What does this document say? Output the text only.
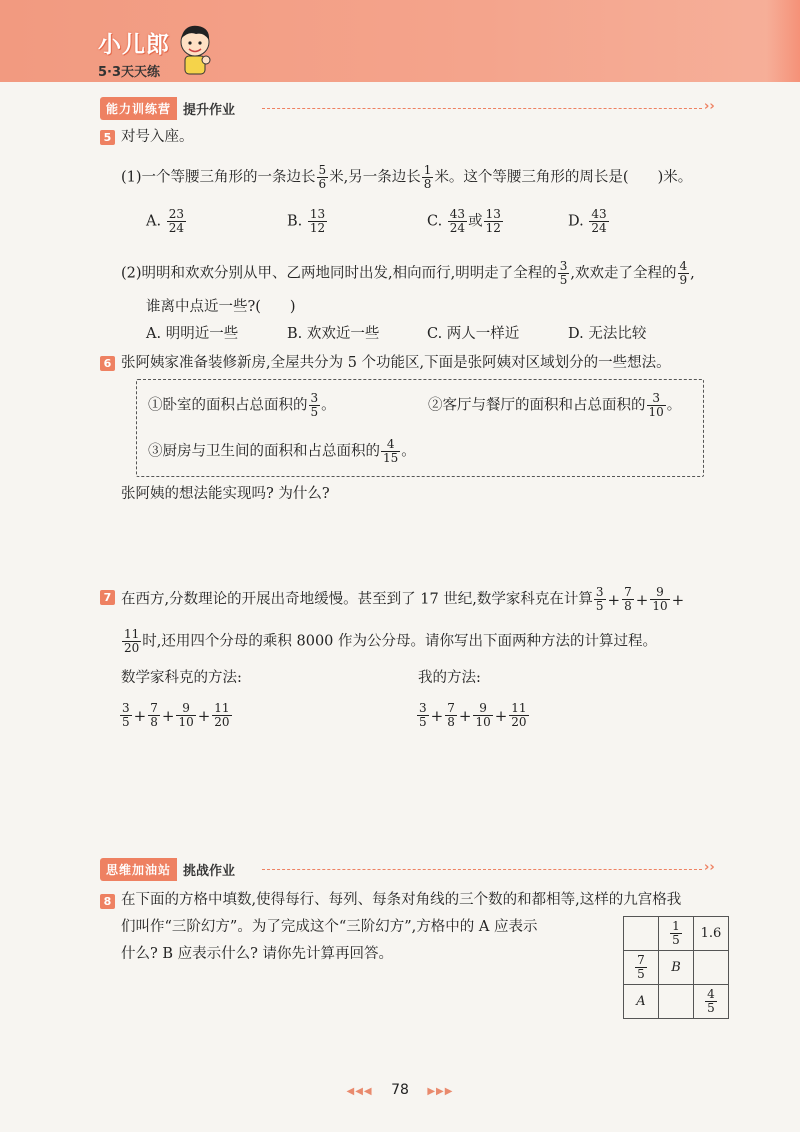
小儿郎
5·3天天练
能力训练营 提升作业	››
5 对号入座。
(1)一个等腰三角形的一条边长 $\frac{5}{6}$ 米,另一条边长 $\frac{1}{8}$ 米。这个等腰三角形的周长是(　　)米。
A. $\frac{23}{24}$	B. $\frac{13}{12}$	C. $\frac{43}{24}$ 或 $\frac{13}{12}$	D. $\frac{43}{24}$
(2)明明和欢欢分别从甲、乙两地同时出发,相向而行,明明走了全程的 $\frac{3}{5}$ ,欢欢走了全程的 $\frac{4}{9}$ ,
谁离中点近一些?(　　)
A. 明明近一些	B. 欢欢近一些	C. 两人一样近	D. 无法比较
6 张阿姨家准备装修新房,全屋共分为 5 个功能区,下面是张阿姨对区域划分的一些想法。
①卧室的面积占总面积的 $\frac{3}{5}$ 。	②客厅与餐厅的面积和占总面积的 $\frac{3}{10}$ 。
③厨房与卫生间的面积和占总面积的 $\frac{4}{15}$ 。
张阿姨的想法能实现吗? 为什么?
7 在西方,分数理论的开展出奇地缓慢。甚至到了 17 世纪,数学家科克在计算 $\frac{3}{5} + \frac{7}{8} + \frac{9}{10}$ +
$\frac{11}{20}$ 时,还用四个分母的乘积 8000 作为公分母。请你写出下面两种方法的计算过程。
数学家科克的方法:	我的方法:
$\frac{3}{5} + \frac{7}{8} + \frac{9}{10} + \frac{11}{20}$	$\frac{3}{5} + \frac{7}{8} + \frac{9}{10} + \frac{11}{20}$
思维加油站 挑战作业	››
8 在下面的方格中填数,使得每行、每列、每条对角线的三个数的和都相等,这样的九宫格我
们叫作“三阶幻方”。为了完成这个“三阶幻方”,方格中的 A 应表示
什么? B 应表示什么? 请你先计算再回答。

	$\frac{1}{5}$	1.6

$\frac{7}{5}$	B	
A		$\frac{4}{5}$
◀◀◀ 78 ▶▶▶
